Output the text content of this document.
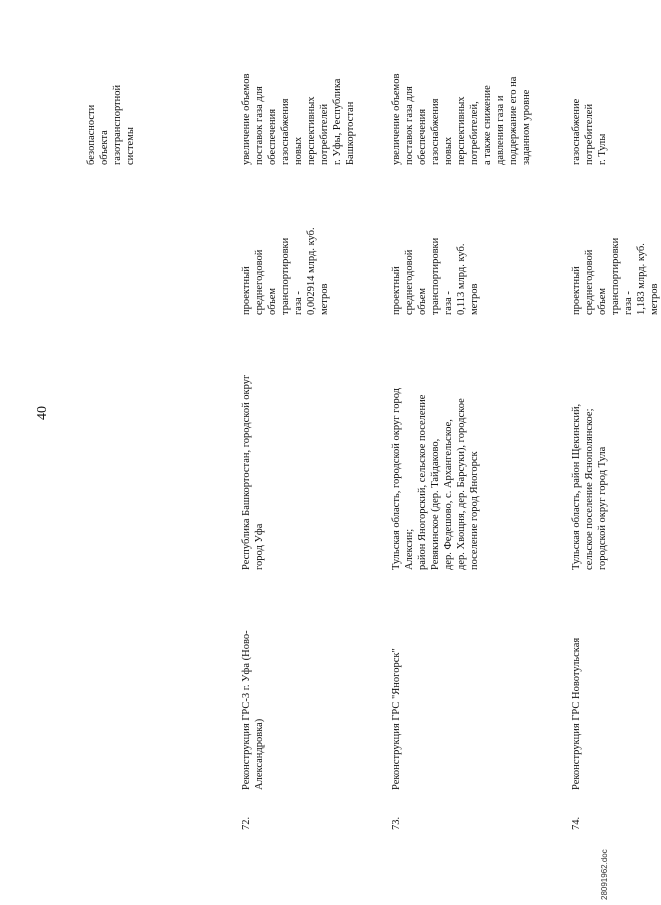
40
безопасности объекта газотранспортной системы
72.
Реконструкция ГРС-3 г. Уфа (Ново- Александровка)
Республика Башкортостан, городской округ город Уфа
проектный среднегодовой объем транспортировки газа - 0,002914 млрд. куб. метров
увеличение объемов поставок газа для обеспечения газоснабжения новых перспективных потребителей г. Уфы, Республика Башкортостан
73.
Реконструкция ГРС "Яногорск"
Тульская область, городской округ город Алексин; район Яногорский, сельское поселение Ревякинское (дер. Тайдаково, дер. Федешово, с. Архангельское, дер. Хвощня, дер. Барсуки), городское поселение город Яногорск
проектный среднегодовой объем транспортировки газа - 0,113 млрд. куб. метров
увеличение объемов поставок газа для обеспечения газоснабжения новых перспективных потребителей, а также снижение давления газа и поддержание его на заданном уровне
74.
Реконструкция ГРС Новотульская
Тульская область, район Щекинский, сельское поселение Яснополянское; городской округ город Тула
проектный среднегодовой объем транспортировки газа - 1,183 млрд. куб. метров
газоснабжение потребителей г. Тулы
28091962.doc
